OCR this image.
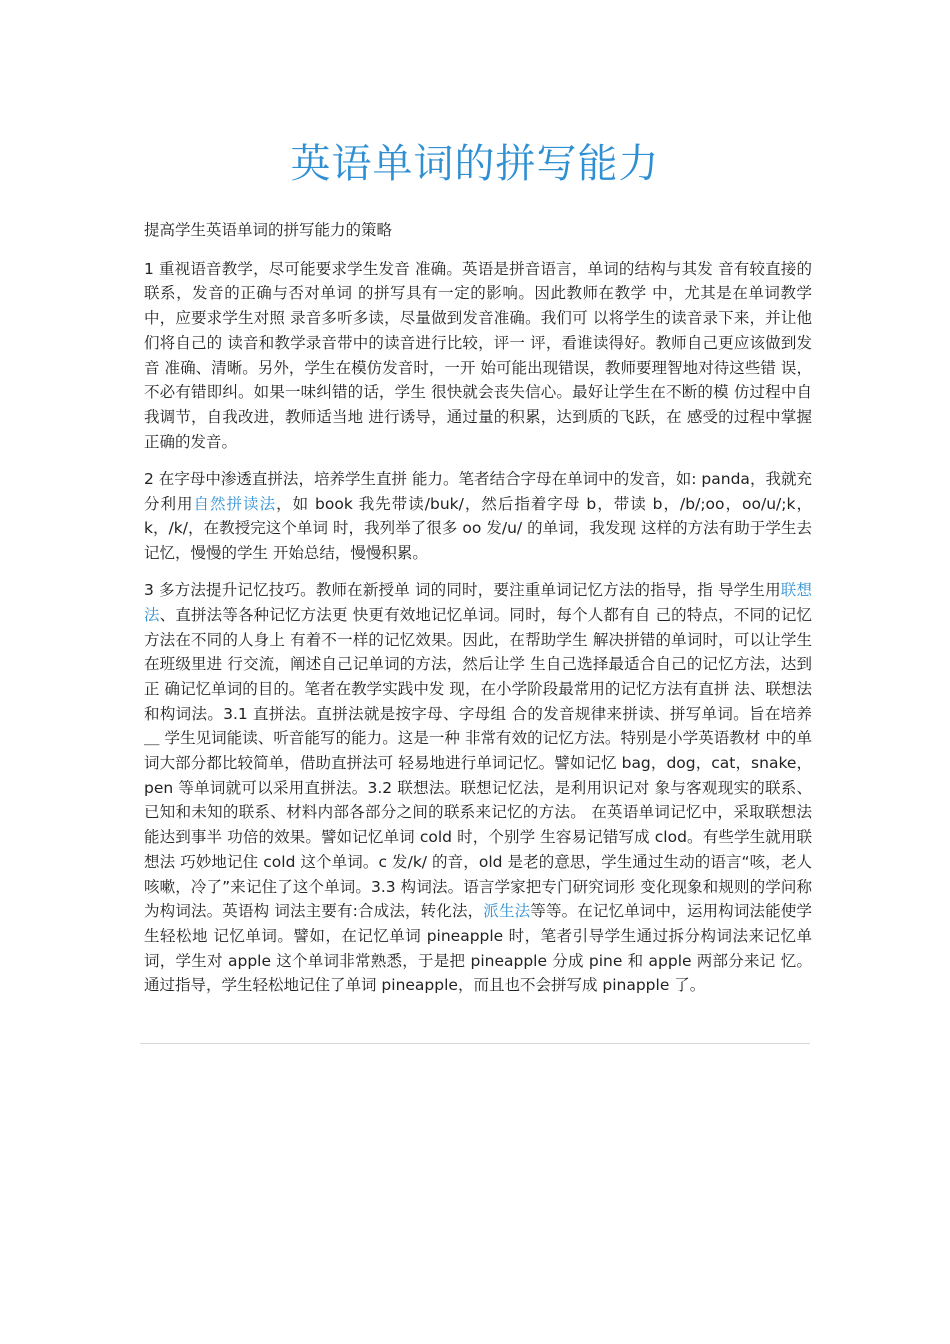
英语单词的拼写能力

提高学生英语单词的拼写能力的策略

1 重视语音教学，尽可能要求学生发音 准确。英语是拼音语言，单词的结构与其发 音有较直接的联系，发音的正确与否对单词 的拼写具有一定的影响。因此教师在教学 中，尤其是在单词教学中，应要求学生对照 录音多听多读，尽量做到发音准确。我们可 以将学生的读音录下来，并让他们将自己的 读音和教学录音带中的读音进行比较，评一 评，看谁读得好。教师自己更应该做到发音 准确、清晰。另外，学生在模仿发音时，一开 始可能出现错误，教师要理智地对待这些错 误，不必有错即纠。如果一味纠错的话，学生 很快就会丧失信心。最好让学生在不断的模 仿过程中自我调节，自我改进，教师适当地 进行诱导，通过量的积累，达到质的飞跃，在 感受的过程中掌握正确的发音。

2 在字母中渗透直拼法，培养学生直拼 能力。笔者结合字母在单词中的发音，如: panda，我就充分利用自然拼读法，如 book 我先带读/buk/，然后指着字母 b，带读 b，/b/;oo，oo/u/;k，k，/k/，在教授完这个单词 时，我列举了很多 oo 发/u/ 的单词，我发现 这样的方法有助于学生去记忆，慢慢的学生 开始总结，慢慢积累。

3 多方法提升记忆技巧。教师在新授单 词的同时，要注重单词记忆方法的指导，指 导学生用联想法、直拼法等各种记忆方法更 快更有效地记忆单词。同时，每个人都有自 己的特点，不同的记忆方法在不同的人身上 有着不一样的记忆效果。因此，在帮助学生 解决拼错的单词时，可以让学生在班级里进 行交流，阐述自己记单词的方法，然后让学 生自己选择最适合自己的记忆方法，达到正 确记忆单词的目的。笔者在教学实践中发 现，在小学阶段最常用的记忆方法有直拼 法、联想法和构词法。3.1 直拼法。直拼法就是按字母、字母组 合的发音规律来拼读、拼写单词。旨在培养＿ 学生见词能读、听音能写的能力。这是一种 非常有效的记忆方法。特别是小学英语教材 中的单词大部分都比较简单，借助直拼法可 轻易地进行单词记忆。譬如记忆 bag，dog，cat，snake，pen 等单词就可以采用直拼法。3.2 联想法。联想记忆法，是利用识记对 象与客观现实的联系、已知和未知的联系、材料内部各部分之间的联系来记忆的方法。 在英语单词记忆中，采取联想法能达到事半 功倍的效果。譬如记忆单词 cold 时，个别学 生容易记错写成 clod。有些学生就用联想法 巧妙地记住 cold 这个单词。c 发/k/ 的音，old 是老的意思，学生通过生动的语言“咳，老人咳嗽，冷了”来记住了这个单词。3.3 构词法。语言学家把专门研究词形 变化现象和规则的学问称为构词法。英语构 词法主要有:合成法，转化法，派生法等等。在记忆单词中，运用构词法能使学生轻松地 记忆单词。譬如，在记忆单词 pineapple 时，笔者引导学生通过拆分构词法来记忆单词，学生对 apple 这个单词非常熟悉，于是把 pineapple 分成 pine 和 apple 两部分来记 忆。通过指导，学生轻松地记住了单词 pineapple，而且也不会拼写成 pinapple 了。
